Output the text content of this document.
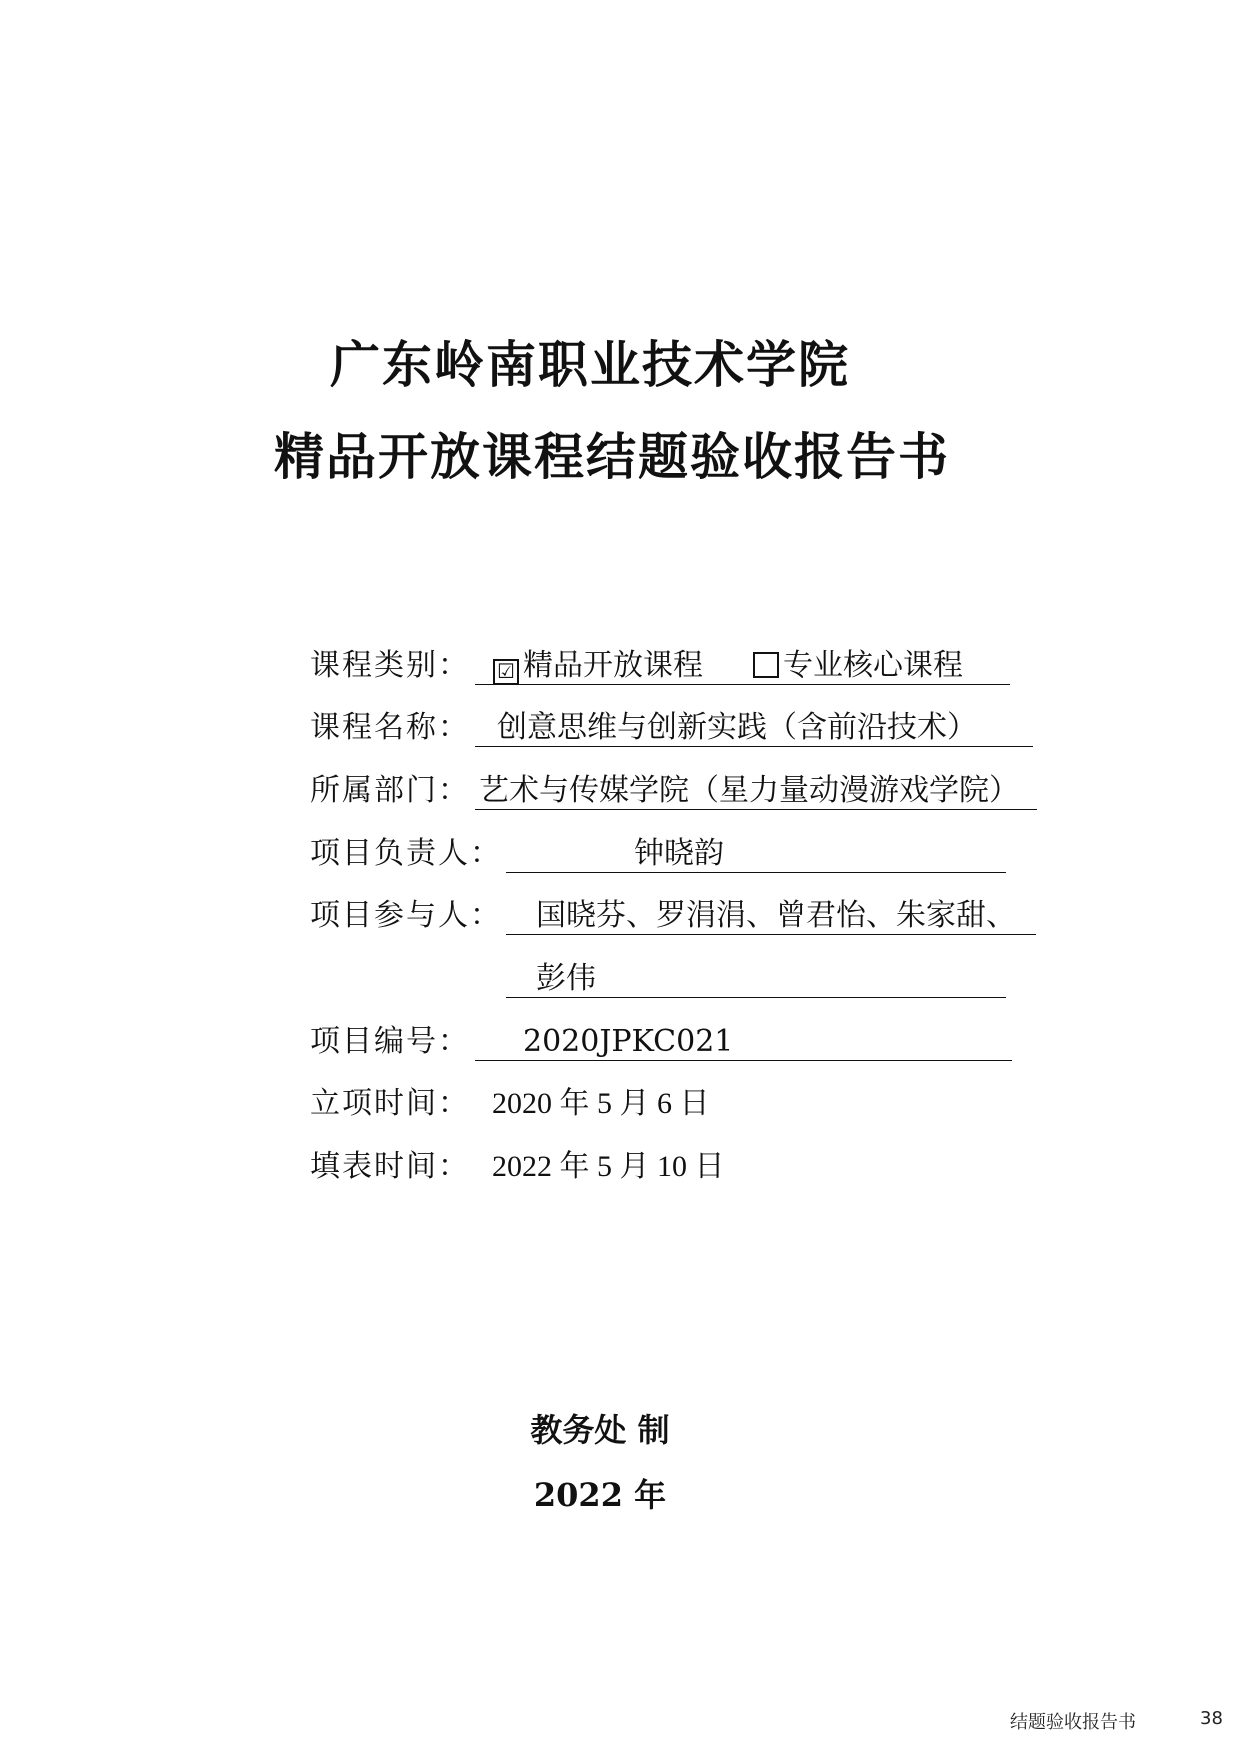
广东岭南职业技术学院
精品开放课程结题验收报告书
课程类别： ☑ 精品开放课程	专业核心课程
课程名称： 创意思维与创新实践（含前沿技术）
所属部门： 艺术与传媒学院（星力量动漫游戏学院）
项目负责人：	钟晓韵
项目参与人： 国晓芬、罗涓涓、曾君怡、朱家甜、
彭伟
项目编号： 2020JPKC021
立项时间： 2020 年 5 月 6 日
填表时间： 2022 年 5 月 10 日
教务处 制
2022 年
结题验收报告书	38
